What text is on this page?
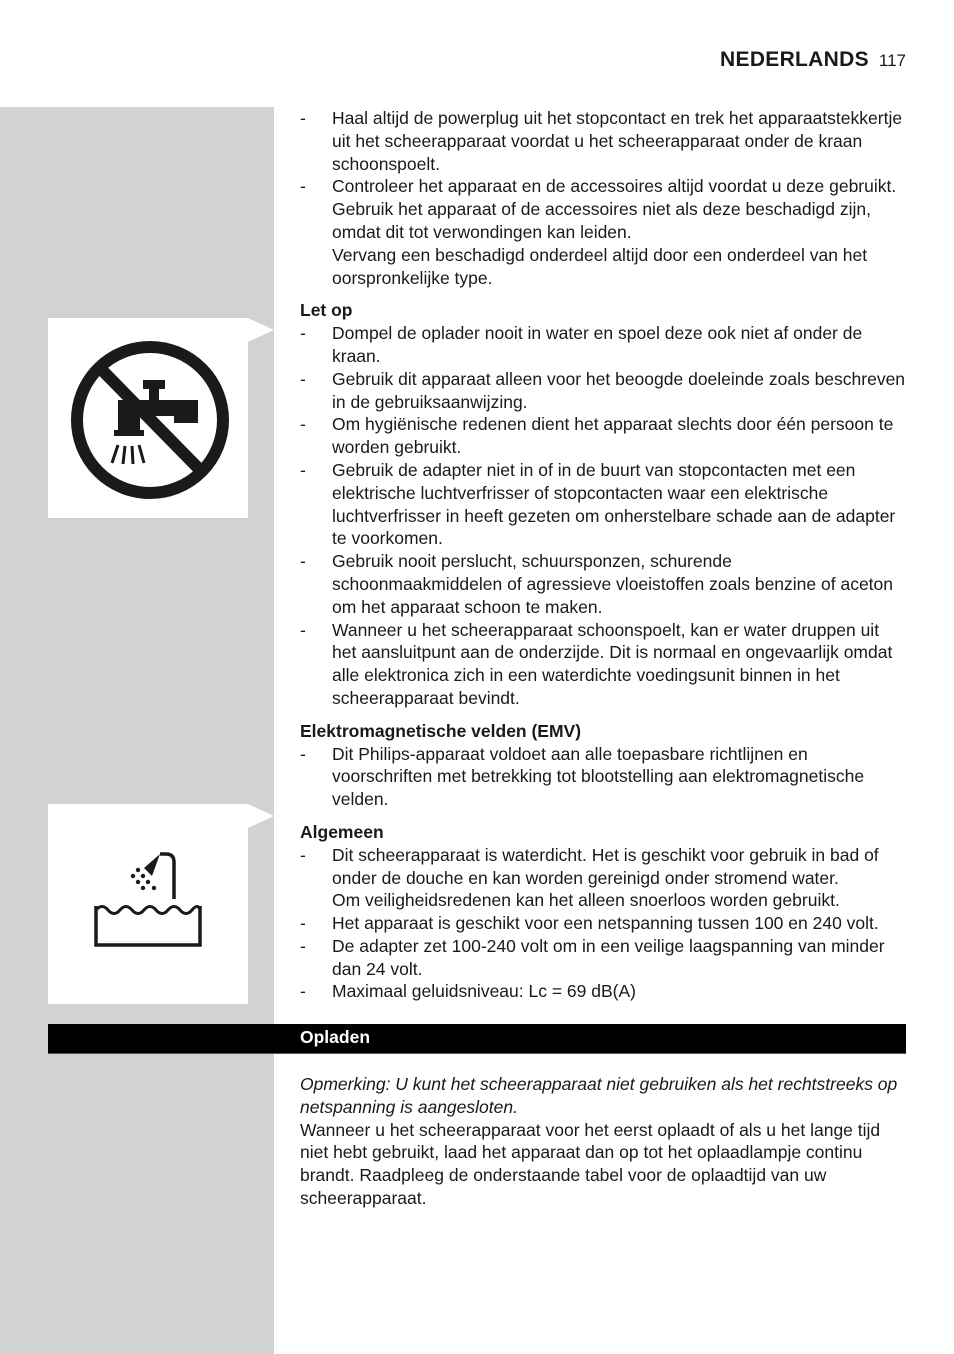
NEDERLANDS 117
- Haal altijd de powerplug uit het stopcontact en trek het apparaatstekkertje uit het scheerapparaat voordat u het scheerapparaat onder de kraan schoonspoelt.
- Controleer het apparaat en de accessoires altijd voordat u deze gebruikt. Gebruik het apparaat of de accessoires niet als deze beschadigd zijn, omdat dit tot verwondingen kan leiden.
Vervang een beschadigd onderdeel altijd door een onderdeel van het oorspronkelijke type.
Let op
- Dompel de oplader nooit in water en spoel deze ook niet af onder de kraan.
- Gebruik dit apparaat alleen voor het beoogde doeleinde zoals beschreven in de gebruiksaanwijzing.
- Om hygiënische redenen dient het apparaat slechts door één persoon te worden gebruikt.
- Gebruik de adapter niet in of in de buurt van stopcontacten met een elektrische luchtverfrisser of stopcontacten waar een elektrische luchtverfrisser in heeft gezeten om onherstelbare schade aan de adapter te voorkomen.
- Gebruik nooit perslucht, schuursponzen, schurende schoonmaakmiddelen of agressieve vloeistoffen zoals benzine of aceton om het apparaat schoon te maken.
- Wanneer u het scheerapparaat schoonspoelt, kan er water druppen uit het aansluitpunt aan de onderzijde. Dit is normaal en ongevaarlijk omdat alle elektronica zich in een waterdichte voedingsunit binnen in het scheerapparaat bevindt.
Elektromagnetische velden (EMV)
- Dit Philips-apparaat voldoet aan alle toepasbare richtlijnen en voorschriften met betrekking tot blootstelling aan elektromagnetische velden.
Algemeen
- Dit scheerapparaat is waterdicht. Het is geschikt voor gebruik in bad of onder de douche en kan worden gereinigd onder stromend water.
Om veiligheidsredenen kan het alleen snoerloos worden gebruikt.
- Het apparaat is geschikt voor een netspanning tussen 100 en 240 volt.
- De adapter zet 100-240 volt om in een veilige laagspanning van minder dan 24 volt.
- Maximaal geluidsniveau: Lc = 69 dB(A)
Opladen
Opmerking: U kunt het scheerapparaat niet gebruiken als het rechtstreeks op netspanning is aangesloten.
Wanneer u het scheerapparaat voor het eerst oplaadt of als u het lange tijd niet hebt gebruikt, laad het apparaat dan op tot het oplaadlampje continu brandt. Raadpleeg de onderstaande tabel voor de oplaadtijd van uw scheerapparaat.
